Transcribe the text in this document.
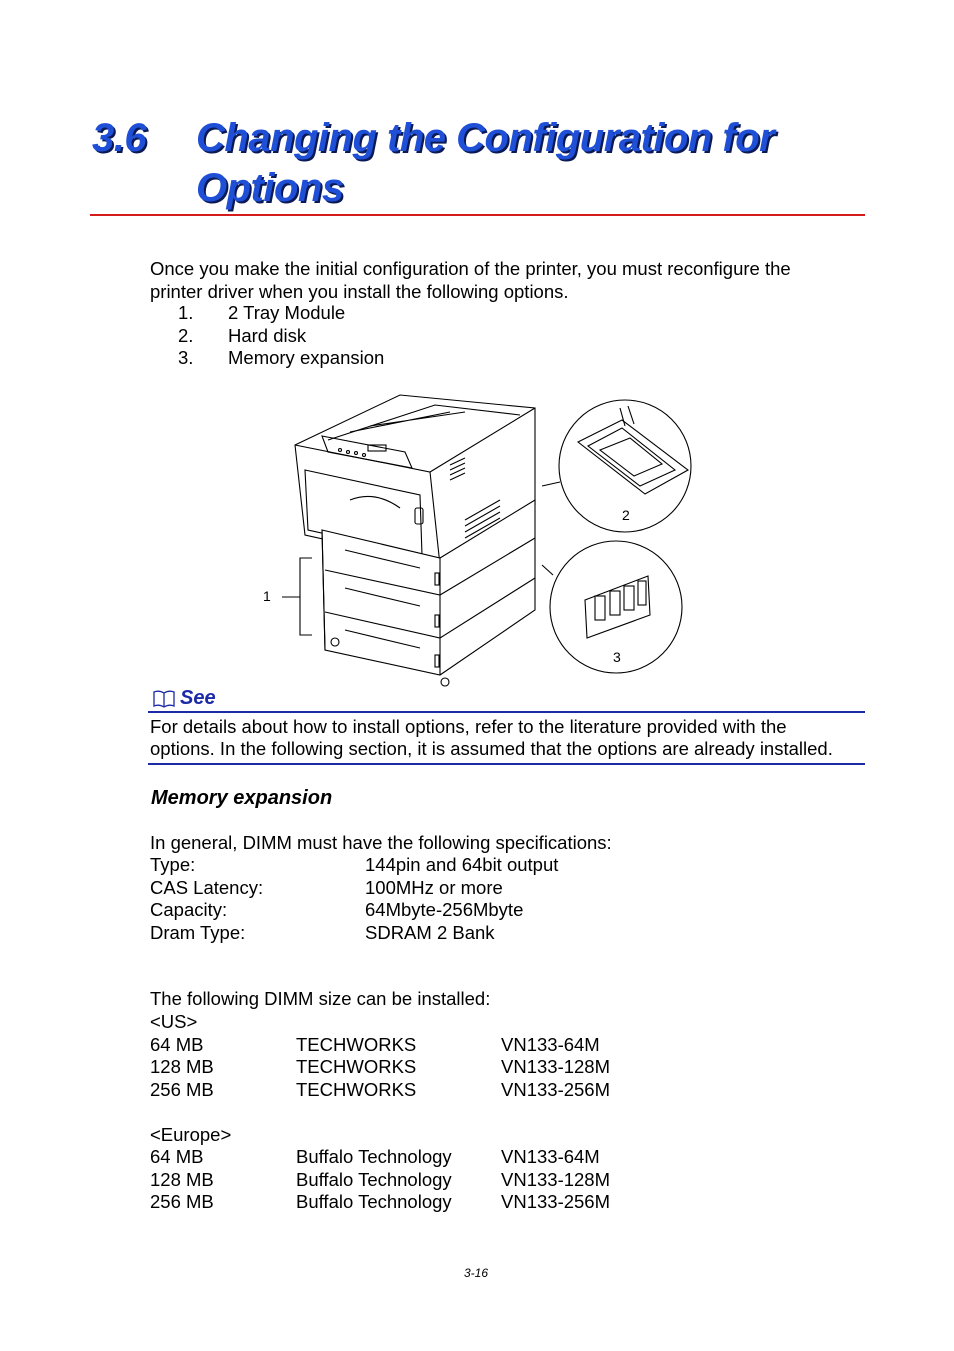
3.6 Changing the Configuration for
Options
Once you make the initial configuration of the printer, you must reconfigure the
printer driver when you install the following options.
1. 2 Tray Module
2. Hard disk
3. Memory expansion
1
2
3
See
For details about how to install options, refer to the literature provided with the
options. In the following section, it is assumed that the options are already installed.
Memory expansion
In general, DIMM must have the following specifications:
Type:	144pin and 64bit output
CAS Latency:	100MHz or more
Capacity:	64Mbyte-256Mbyte
Dram Type:	SDRAM 2 Bank
The following DIMM size can be installed:
<US>
64 MB	TECHWORKS	VN133-64M
128 MB	TECHWORKS	VN133-128M
256 MB	TECHWORKS	VN133-256M
<Europe>
64 MB	Buffalo Technology	VN133-64M
128 MB	Buffalo Technology	VN133-128M
256 MB	Buffalo Technology	VN133-256M
3-16
